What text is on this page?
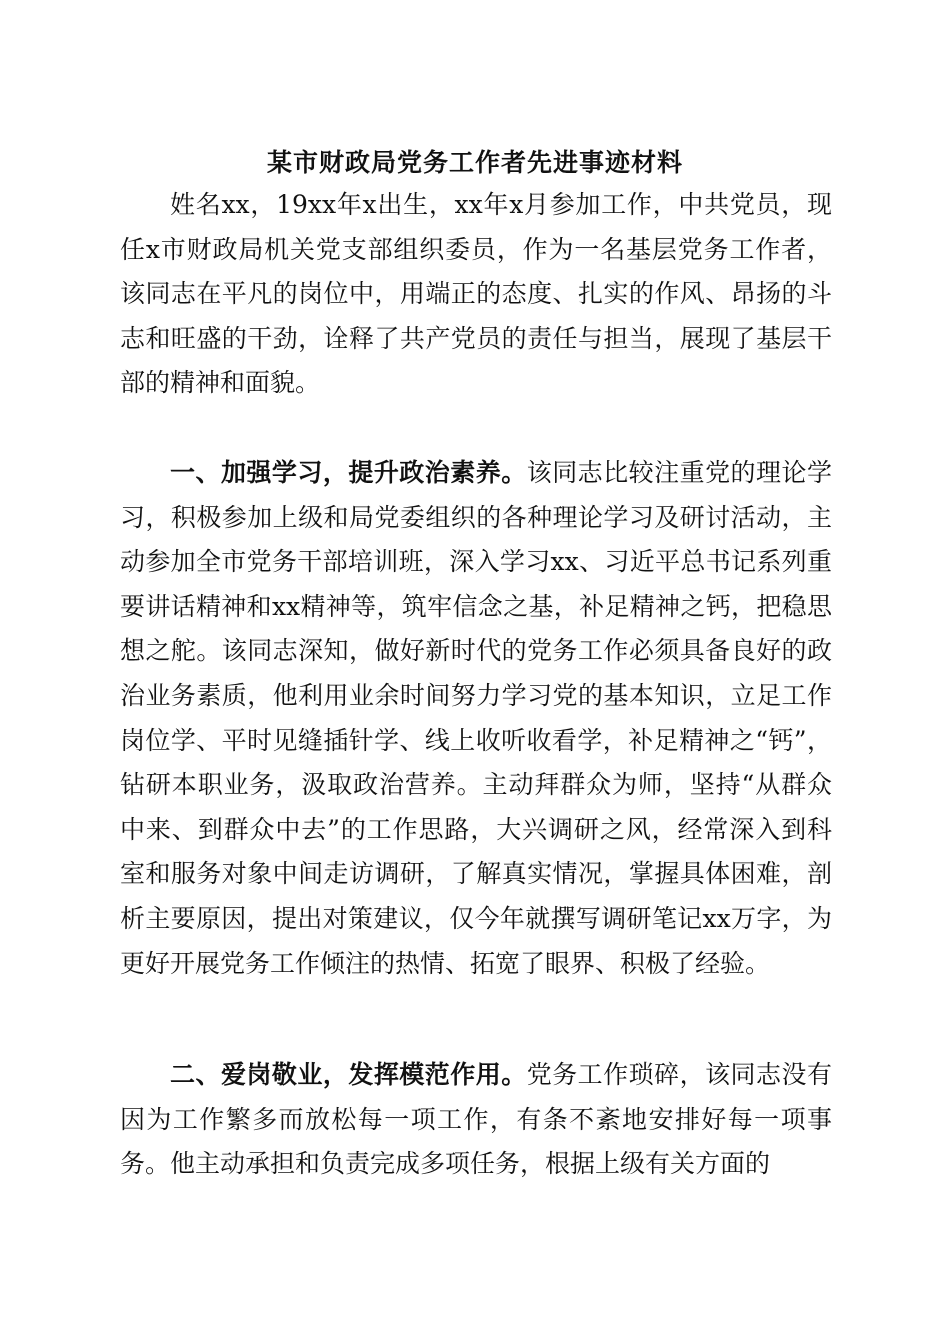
某市财政局党务工作者先进事迹材料

姓名xx，19xx年x出生，xx年x月参加工作，中共党员，现任x市财政局机关党支部组织委员，作为一名基层党务工作者，该同志在平凡的岗位中，用端正的态度、扎实的作风、昂扬的斗志和旺盛的干劲，诠释了共产党员的责任与担当，展现了基层干部的精神和面貌。

一、加强学习，提升政治素养。该同志比较注重党的理论学习，积极参加上级和局党委组织的各种理论学习及研讨活动，主动参加全市党务干部培训班，深入学习xx、习近平总书记系列重要讲话精神和xx精神等，筑牢信念之基，补足精神之钙，把稳思想之舵。该同志深知，做好新时代的党务工作必须具备良好的政治业务素质，他利用业余时间努力学习党的基本知识，立足工作岗位学、平时见缝插针学、线上收听收看学，补足精神之“钙”，钻研本职业务，汲取政治营养。主动拜群众为师，坚持“从群众中来、到群众中去”的工作思路，大兴调研之风，经常深入到科室和服务对象中间走访调研，了解真实情况，掌握具体困难，剖析主要原因，提出对策建议，仅今年就撰写调研笔记xx万字，为更好开展党务工作倾注的热情、拓宽了眼界、积极了经验。

二、爱岗敬业，发挥模范作用。党务工作琐碎，该同志没有因为工作繁多而放松每一项工作，有条不紊地安排好每一项事务。他主动承担和负责完成多项任务，根据上级有关方面的
